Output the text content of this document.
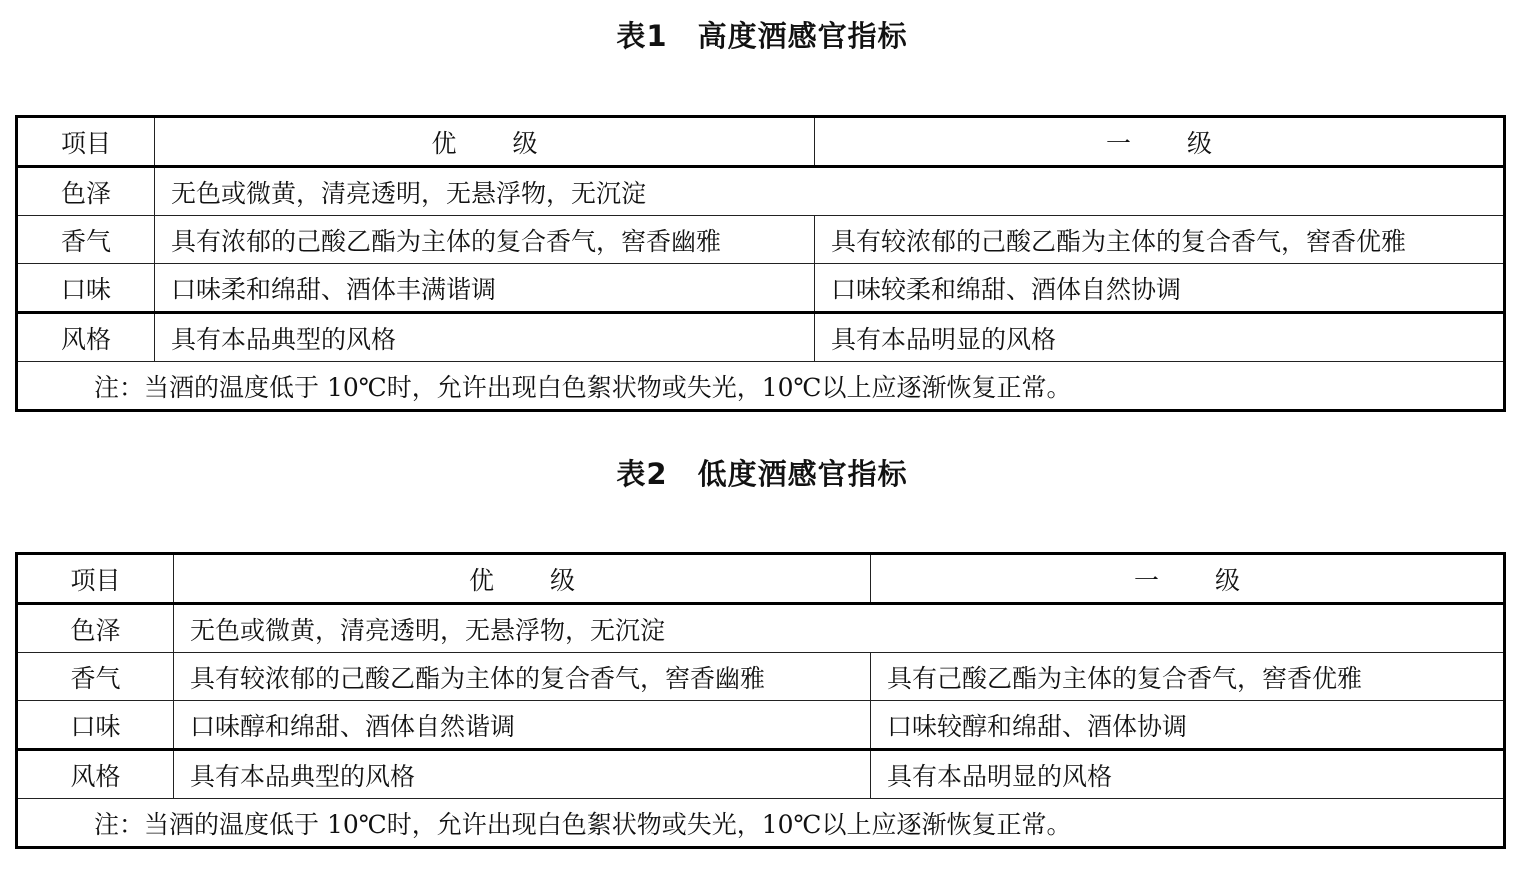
表1　高度酒感官指标
项目	优 级	一 级
色泽	无色或微黄，清亮透明，无悬浮物，无沉淀	
香气	具有浓郁的己酸乙酯为主体的复合香气，窖香幽雅	具有较浓郁的己酸乙酯为主体的复合香气，窖香优雅
口味	口味柔和绵甜、酒体丰满谐调	口味较柔和绵甜、酒体自然协调
风格	具有本品典型的风格	具有本品明显的风格
注：当酒的温度低于 10℃时，允许出现白色絮状物或失光，10℃以上应逐渐恢复正常。		
表2　低度酒感官指标
项目	优 级	一 级
色泽	无色或微黄，清亮透明，无悬浮物，无沉淀	
香气	具有较浓郁的己酸乙酯为主体的复合香气，窖香幽雅	具有己酸乙酯为主体的复合香气，窖香优雅
口味	口味醇和绵甜、酒体自然谐调	口味较醇和绵甜、酒体协调
风格	具有本品典型的风格	具有本品明显的风格
注：当酒的温度低于 10℃时，允许出现白色絮状物或失光，10℃以上应逐渐恢复正常。		
